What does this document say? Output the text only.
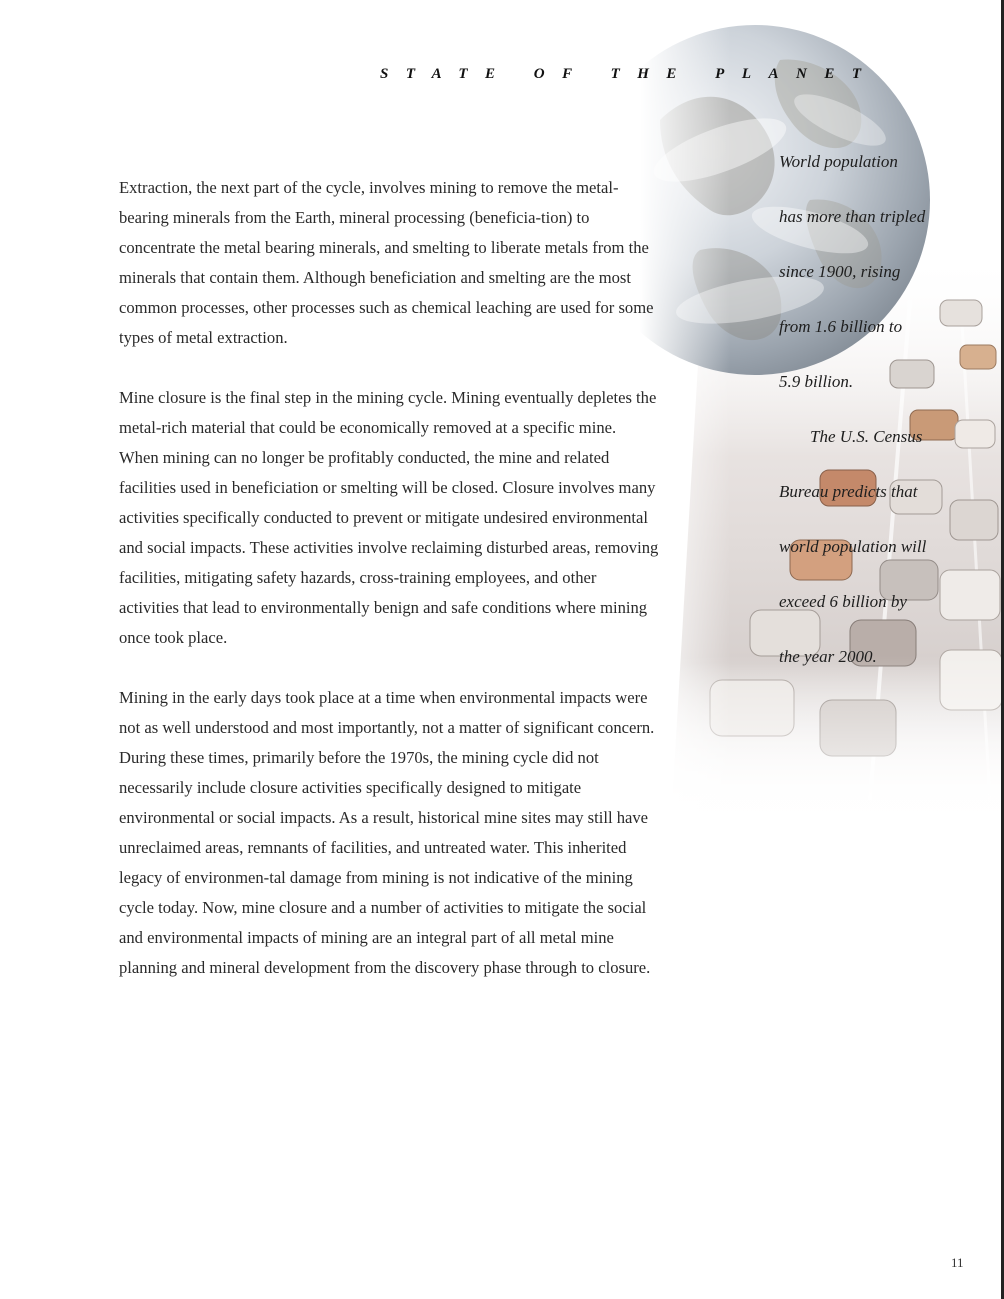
STATE OF THE PLANET

Extraction, the next part of the cycle, involves mining to remove the metal-bearing minerals from the Earth, mineral processing (beneficia-tion) to concentrate the metal bearing minerals, and smelting to liberate metals from the minerals that contain them. Although beneficiation and smelting are the most common processes, other processes such as chemical leaching are used for some types of metal extraction.

Mine closure is the final step in the mining cycle. Mining eventually depletes the metal-rich material that could be economically removed at a specific mine. When mining can no longer be profitably conducted, the mine and related facilities used in beneficiation or smelting will be closed. Closure involves many activities specifically conducted to prevent or mitigate undesired environmental and social impacts. These activities involve reclaiming disturbed areas, removing facilities, mitigating safety hazards, cross-training employees, and other activities that lead to environmentally benign and safe conditions where mining once took place.

Mining in the early days took place at a time when environmental impacts were not as well understood and most importantly, not a matter of significant concern. During these times, primarily before the 1970s, the mining cycle did not necessarily include closure activities specifically designed to mitigate environmental or social impacts. As a result, historical mine sites may still have unreclaimed areas, remnants of facilities, and untreated water. This inherited legacy of environmen-tal damage from mining is not indicative of the mining cycle today. Now, mine closure and a number of activities to mitigate the social and environmental impacts of mining are an integral part of all metal mine planning and mineral development from the discovery phase through to closure.

World population
has more than tripled
since 1900, rising
from 1.6 billion to
5.9 billion.
The U.S. Census
Bureau predicts that
world population will
exceed 6 billion by
the year 2000.
11
